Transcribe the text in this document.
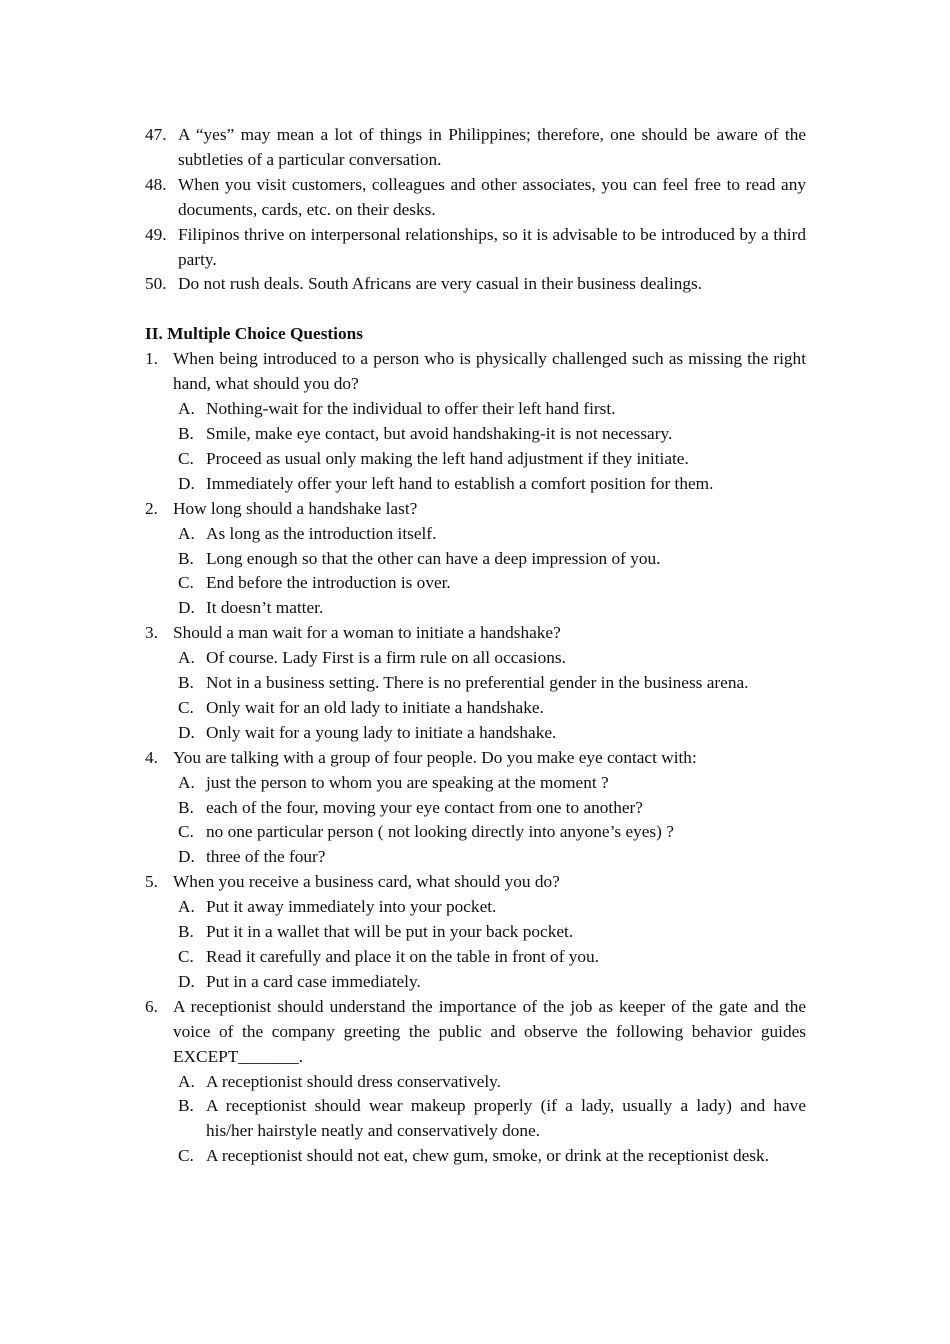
47. A “yes” may mean a lot of things in Philippines; therefore, one should be aware of the subtleties of a particular conversation.
48. When you visit customers, colleagues and other associates, you can feel free to read any documents, cards, etc. on their desks.
49. Filipinos thrive on interpersonal relationships, so it is advisable to be introduced by a third party.
50. Do not rush deals. South Africans are very casual in their business dealings.
II. Multiple Choice Questions
1. When being introduced to a person who is physically challenged such as missing the right hand, what should you do?
A. Nothing-wait for the individual to offer their left hand first.
B. Smile, make eye contact, but avoid handshaking-it is not necessary.
C. Proceed as usual only making the left hand adjustment if they initiate.
D. Immediately offer your left hand to establish a comfort position for them.
2. How long should a handshake last?
A. As long as the introduction itself.
B. Long enough so that the other can have a deep impression of you.
C. End before the introduction is over.
D. It doesn’t matter.
3. Should a man wait for a woman to initiate a handshake?
A. Of course. Lady First is a firm rule on all occasions.
B. Not in a business setting. There is no preferential gender in the business arena.
C. Only wait for an old lady to initiate a handshake.
D. Only wait for a young lady to initiate a handshake.
4. You are talking with a group of four people. Do you make eye contact with:
A. just the person to whom you are speaking at the moment ?
B. each of the four, moving your eye contact from one to another?
C. no one particular person ( not looking directly into anyone’s eyes) ?
D. three of the four?
5. When you receive a business card, what should you do?
A. Put it away immediately into your pocket.
B. Put it in a wallet that will be put in your back pocket.
C. Read it carefully and place it on the table in front of you.
D. Put in a card case immediately.
6. A receptionist should understand the importance of the job as keeper of the gate and the voice of the company greeting the public and observe the following behavior guides EXCEPT_______.
A. A receptionist should dress conservatively.
B. A receptionist should wear makeup properly (if a lady, usually a lady) and have his/her hairstyle neatly and conservatively done.
C. A receptionist should not eat, chew gum, smoke, or drink at the receptionist desk.
